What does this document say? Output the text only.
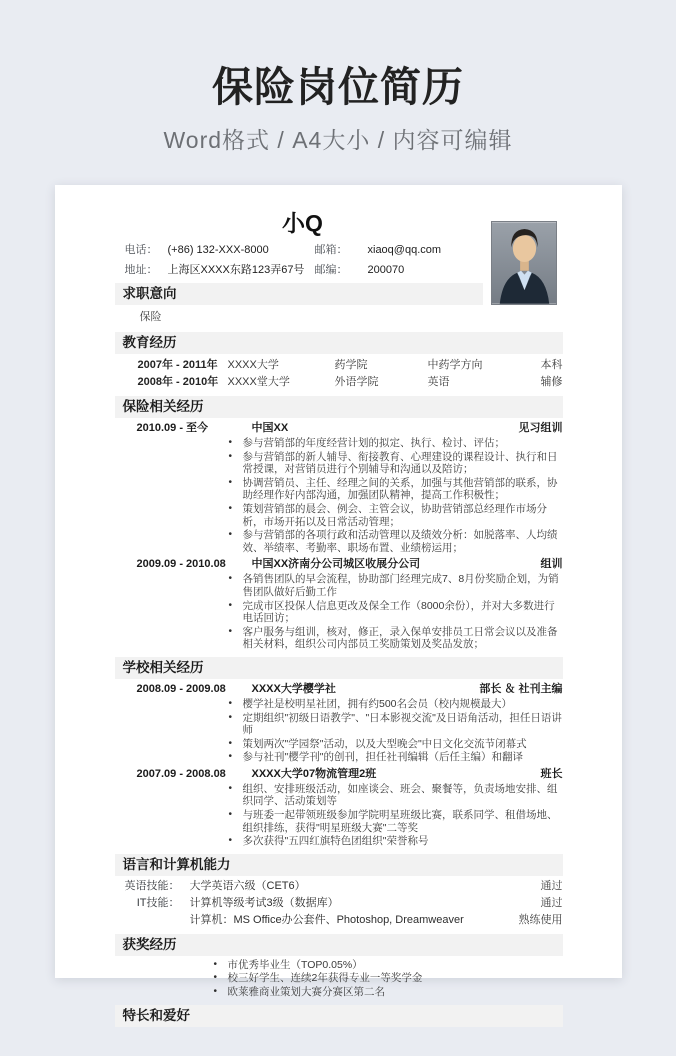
保险岗位简历
Word格式 / A4大小 / 内容可编辑
小Q
电话： (+86) 132-XXX-8000	邮箱：	xiaoq@qq.com
地址： 上海区XXXX东路123弄67号 邮编：	200070
求职意向
保险
教育经历
2007年 - 2011年 XXXX大学	药学院	中药学方向	本科
2008年 - 2010年 XXXX堂大学	外语学院	英语	辅修
保险相关经历
2010.09 - 至今	中国XX	见习组训
• 参与营销部的年度经营计划的拟定、执行、检讨、评估；
• 参与营销部的新人辅导、衔接教育、心理建设的课程设计、执行和日常授课，对营销员进行个别辅导和沟通以及陪访；
• 协调营销员、主任、经理之间的关系，加强与其他营销部的联系，协助经理作好内部沟通，加强团队精神，提高工作积极性；
• 策划营销部的晨会、例会、主管会议，协助营销部总经理作市场分析，市场开拓以及日常活动管理；
• 参与营销部的各项行政和活动管理以及绩效分析：如脱落率、人均绩效、举绩率、考勤率、职场布置、业绩榜运用；
2009.09 - 2010.08	中国XX济南分公司城区收展分公司	组训
• 各销售团队的早会流程，协助部门经理完成7、8月份奖励企划，为销售团队做好后勤工作
• 完成市区投保人信息更改及保全工作（8000余份），并对大多数进行电话回访；
• 客户服务与组训，核对，修正，录入保单安排员工日常会议以及准备相关材料，组织公司内部员工奖励策划及奖品发放；
学校相关经历
2008.09 - 2009.08	XXXX大学樱学社	部长 ＆ 社刊主编
• 樱学社是校明星社团，拥有约500名会员（校内规模最大）
• 定期组织"初级日语教学"、"日本影视交流"及日语角活动，担任日语讲师
• 策划两次"学园祭"活动，以及大型晚会"中日文化交流节闭幕式
• 参与社刊"樱学刊"的创刊，担任社刊编辑（后任主编）和翻译
2007.09 - 2008.08	XXXX大学07物流管理2班	班长
• 组织、安排班级活动，如座谈会、班会、聚餐等，负责场地安排、组织同学、活动策划等
• 与班委一起带领班级参加学院明星班级比赛，联系同学、租借场地、组织排练，获得"明星班级大赛"二等奖
• 多次获得"五四红旗特色团组织"荣誉称号
语言和计算机能力
英语技能： 大学英语六级（CET6）	通过
IT技能： 计算机等级考试3级（数据库）	通过
计算机：MS Office办公套件、Photoshop, Dreamweaver	熟练使用
获奖经历
• 市优秀毕业生（TOP0.05%）
• 校三好学生、连续2年获得专业一等奖学金
• 欧莱雅商业策划大赛分赛区第二名
特长和爱好
